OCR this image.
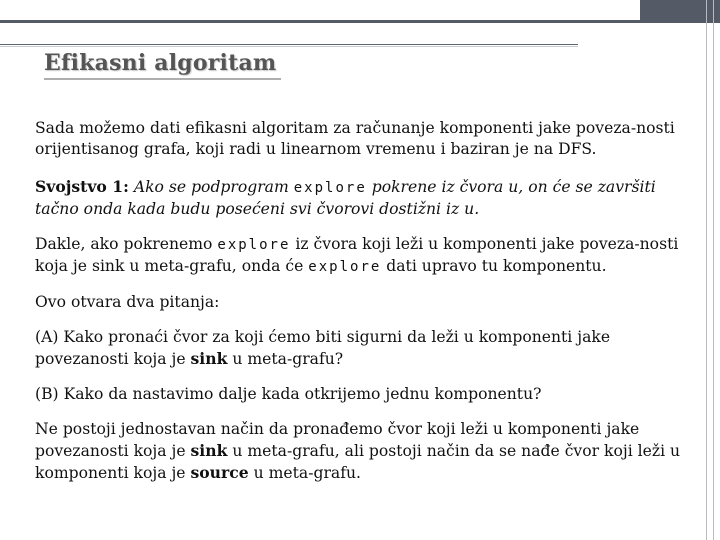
Efikasni algoritam

Sada možemo dati efikasni algoritam za računanje komponenti jake poveza-nosti orijentisanog grafa, koji radi u linearnom vremenu i baziran je na DFS.

Svojstvo 1: Ako se podprogram explore pokrene iz čvora u, on će se završiti tačno onda kada budu posećeni svi čvorovi dostižni iz u.

Dakle, ako pokrenemo explore iz čvora koji leži u komponenti jake poveza-nosti koja je sink u meta-grafu, onda će explore dati upravo tu komponentu.

Ovo otvara dva pitanja:

(A) Kako pronaći čvor za koji ćemo biti sigurni da leži u komponenti jake povezanosti koja je sink u meta-grafu?

(B) Kako da nastavimo dalje kada otkrijemo jednu komponentu?

Ne postoji jednostavan način da pronađemo čvor koji leži u komponenti jake povezanosti koja je sink u meta-grafu, ali postoji način da se nađe čvor koji leži u komponenti koja je source u meta-grafu.
